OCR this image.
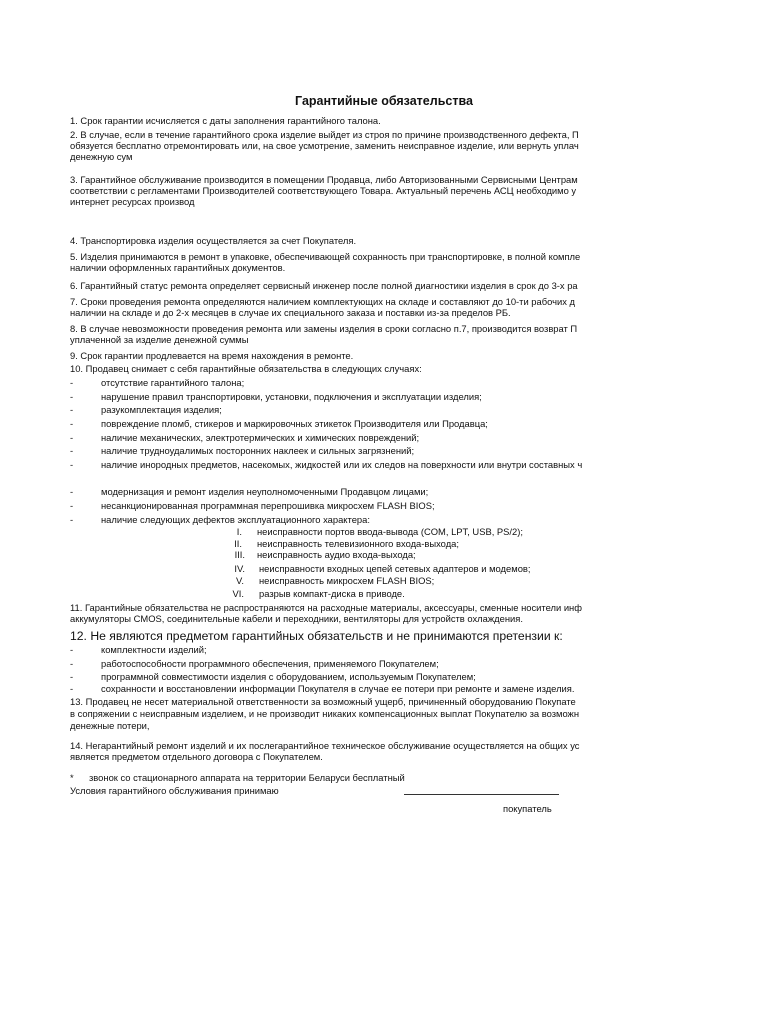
Гарантийные обязательства
1. Срок гарантии исчисляется с даты заполнения гарантийного талона.
2. В случае, если в течение гарантийного срока изделие выйдет из строя по причине производственного дефекта, П
обязуется бесплатно отремонтировать или, на свое усмотрение, заменить неисправное изделие, или вернуть уплач
денежную сум
3. Гарантийное обслуживание производится в помещении Продавца, либо Авторизованными Сервисными Центрам
соответствии с регламентами Производителей соответствующего Товара. Актуальный перечень АСЦ необходимо у
интернет ресурсах производ
4. Транспортировка изделия осуществляется за счет Покупателя.
5. Изделия принимаются в ремонт в упаковке, обеспечивающей сохранность при транспортировке, в полной компле
наличии оформленных гарантийных документов.
6. Гарантийный статус ремонта определяет сервисный инженер после полной диагностики изделия в срок до 3-х ра
7. Сроки проведения ремонта определяются наличием комплектующих на складе и составляют до 10-ти рабочих д
наличии на складе и до 2-х месяцев в случае их специального заказа и поставки из-за пределов РБ.
8. В случае невозможности проведения ремонта или замены изделия в сроки согласно п.7, производится возврат П
уплаченной за изделие денежной суммы
9. Срок гарантии продлевается на время нахождения в ремонте.
10. Продавец снимает с себя гарантийные обязательства в следующих случаях:
-	отсутствие гарантийного талона;
-	нарушение правил транспортировки, установки, подключения и эксплуатации изделия;
-	разукомплектация изделия;
-	повреждение пломб, стикеров и маркировочных этикеток Производителя или Продавца;
-	наличие механических, электротермических и химических повреждений;
-	наличие трудноудалимых посторонних наклеек и сильных загрязнений;
-	наличие инородных предметов, насекомых, жидкостей или их следов на поверхности или внутри составных ч
-	модернизация и ремонт изделия неуполномоченными Продавцом лицами;
-	несанкционированная программная перепрошивка микросхем FLASH BIOS;
-	наличие следующих дефектов эксплуатационного характера:
I. неисправности портов ввода-вывода (COM, LPT, USB, PS/2);
II. неисправность телевизионного входа-выхода;
III. неисправность аудио входа-выхода;
IV. неисправности входных цепей сетевых адаптеров и модемов;
V. неисправность микросхем FLASH BIOS;
VI. разрыв компакт-диска в приводе.
11. Гарантийные обязательства не распространяются на расходные материалы, аксессуары, сменные носители инф
аккумуляторы CMOS, соединительные кабели и переходники, вентиляторы для устройств охлаждения.
12. Не являются предметом гарантийных обязательств и не принимаются претензии к:
-	комплектности изделий;
-	работоспособности программного обеспечения, применяемого Покупателем;
-	программной совместимости изделия с оборудованием, используемым Покупателем;
-	сохранности и восстановлении информации Покупателя в случае ее потери при ремонте и замене изделия.
13. Продавец не несет материальной ответственности за возможный ущерб, причиненный оборудованию Покупате
в сопряжении с неисправным изделием, и не производит никаких компенсационных выплат Покупателю за возможн
денежные потери,
14. Негарантийный ремонт изделий и их послегарантийное техническое обслуживание осуществляется на общих ус
является предметом отдельного договора с Покупателем.
* звонок со стационарного аппарата на территории Беларуси бесплатный
Условия гарантийного обслуживания принимаю
покупатель
